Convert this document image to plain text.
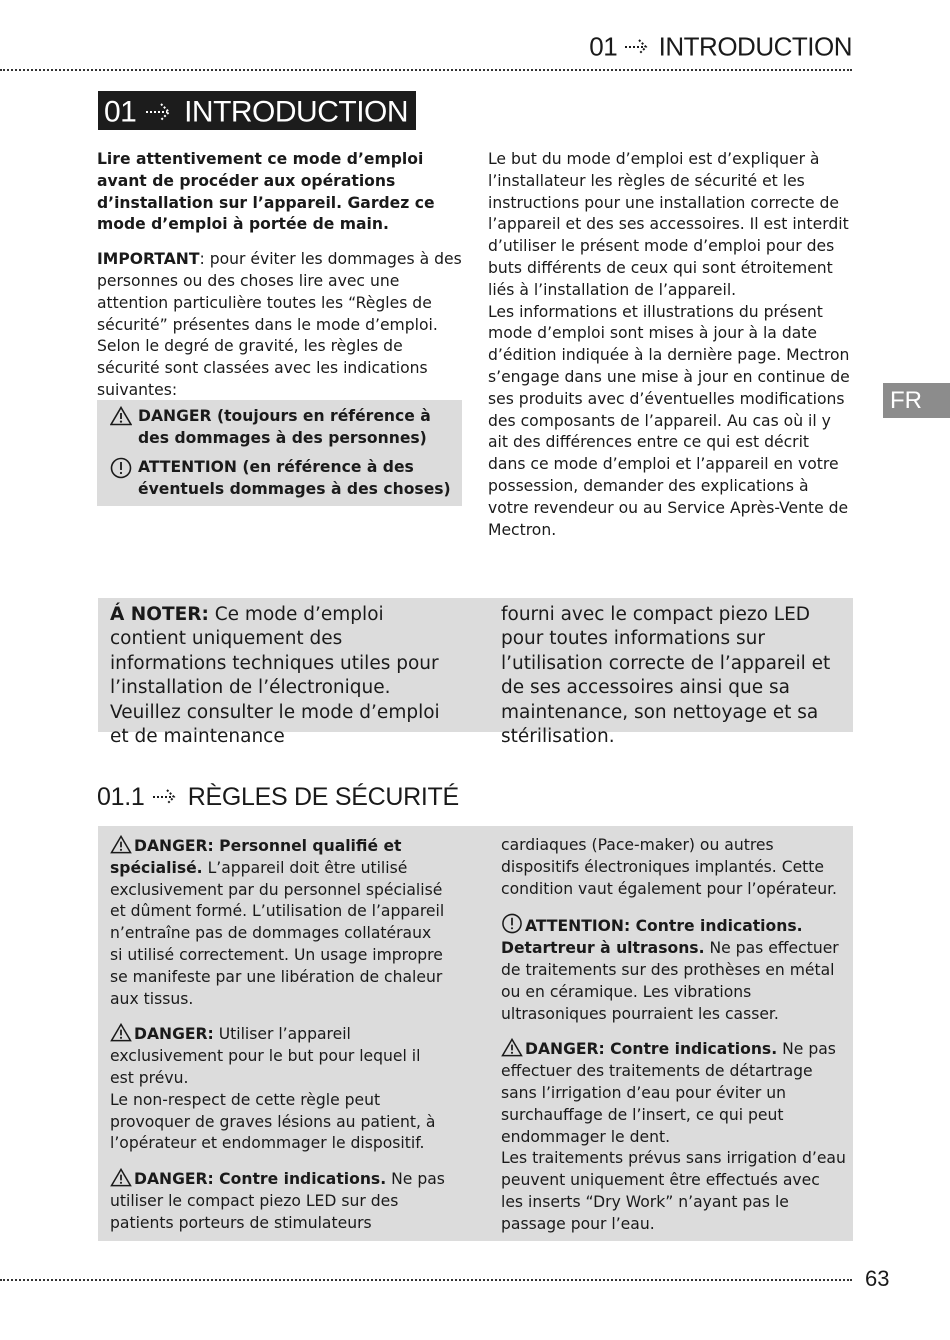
01 INTRODUCTION
01 INTRODUCTION

Lire attentivement ce mode d’emploi avant de procéder aux opérations d’installation sur l’appareil. Gardez ce mode d’emploi à portée de main.

IMPORTANT: pour éviter les dommages à des personnes ou des choses lire avec une attention particulière toutes les “Règles de sécurité” présentes dans le mode d’emploi. Selon le degré de gravité, les règles de sécurité sont classées avec les indications suivantes:

DANGER (toujours en référence à des dommages à des personnes)
ATTENTION (en référence à des éventuels dommages à des choses)

Le but du mode d’emploi est d’expliquer à l’installateur les règles de sécurité et les instructions pour une installation correcte de l’appareil et des ses accessoires. Il est interdit d’utiliser le présent mode d’emploi pour des buts différents de ceux qui sont étroitement liés à l’installation de l’appareil.

Les informations et illustrations du présent mode d’emploi sont mises à jour à la date d’édition indiquée à la dernière page. Mectron s’engage dans une mise à jour en continue de ses produits avec d’éventuelles modifications des composants de l’appareil. Au cas où il y ait des différences entre ce qui est décrit dans ce mode d’emploi et l’appareil en votre possession, demander des explications à votre revendeur ou au Service Après-Vente de Mectron.

FR
Á NOTER: Ce mode d’emploi contient uniquement des informations techniques utiles pour l’installation de l’électronique. Veuillez consulter le mode d’emploi et de maintenance
fourni avec le compact piezo LED pour toutes informations sur l’utilisation correcte de l’appareil et de ses accessoires ainsi que sa maintenance, son nettoyage et sa stérilisation.
01.1 RÈGLES DE SÉCURITÉ

DANGER: Personnel qualifié et spécialisé. L’appareil doit être utilisé exclusivement par du personnel spécialisé et dûment formé. L’utilisation de l’appareil n’entraîne pas de dommages collatéraux si utilisé correctement. Un usage impropre se manifeste par une libération de chaleur aux tissus.

DANGER: Utiliser l’appareil exclusivement pour le but pour lequel il est prévu.

Le non-respect de cette règle peut provoquer de graves lésions au patient, à l’opérateur et endommager le dispositif.

DANGER: Contre indications. Ne pas utiliser le compact piezo LED sur des patients porteurs de stimulateurs

cardiaques (Pace-maker) ou autres dispositifs électroniques implantés. Cette condition vaut également pour l’opérateur.

ATTENTION: Contre indications. Detartreur à ultrasons. Ne pas effectuer de traitements sur des prothèses en métal ou en céramique. Les vibrations ultrasoniques pourraient les casser.

DANGER: Contre indications. Ne pas effectuer des traitements de détartrage sans l’irrigation d’eau pour éviter un surchauffage de l’insert, ce qui peut endommager le dent.

Les traitements prévus sans irrigation d’eau peuvent uniquement être effectués avec les inserts “Dry Work” n’ayant pas le passage pour l’eau.

63
